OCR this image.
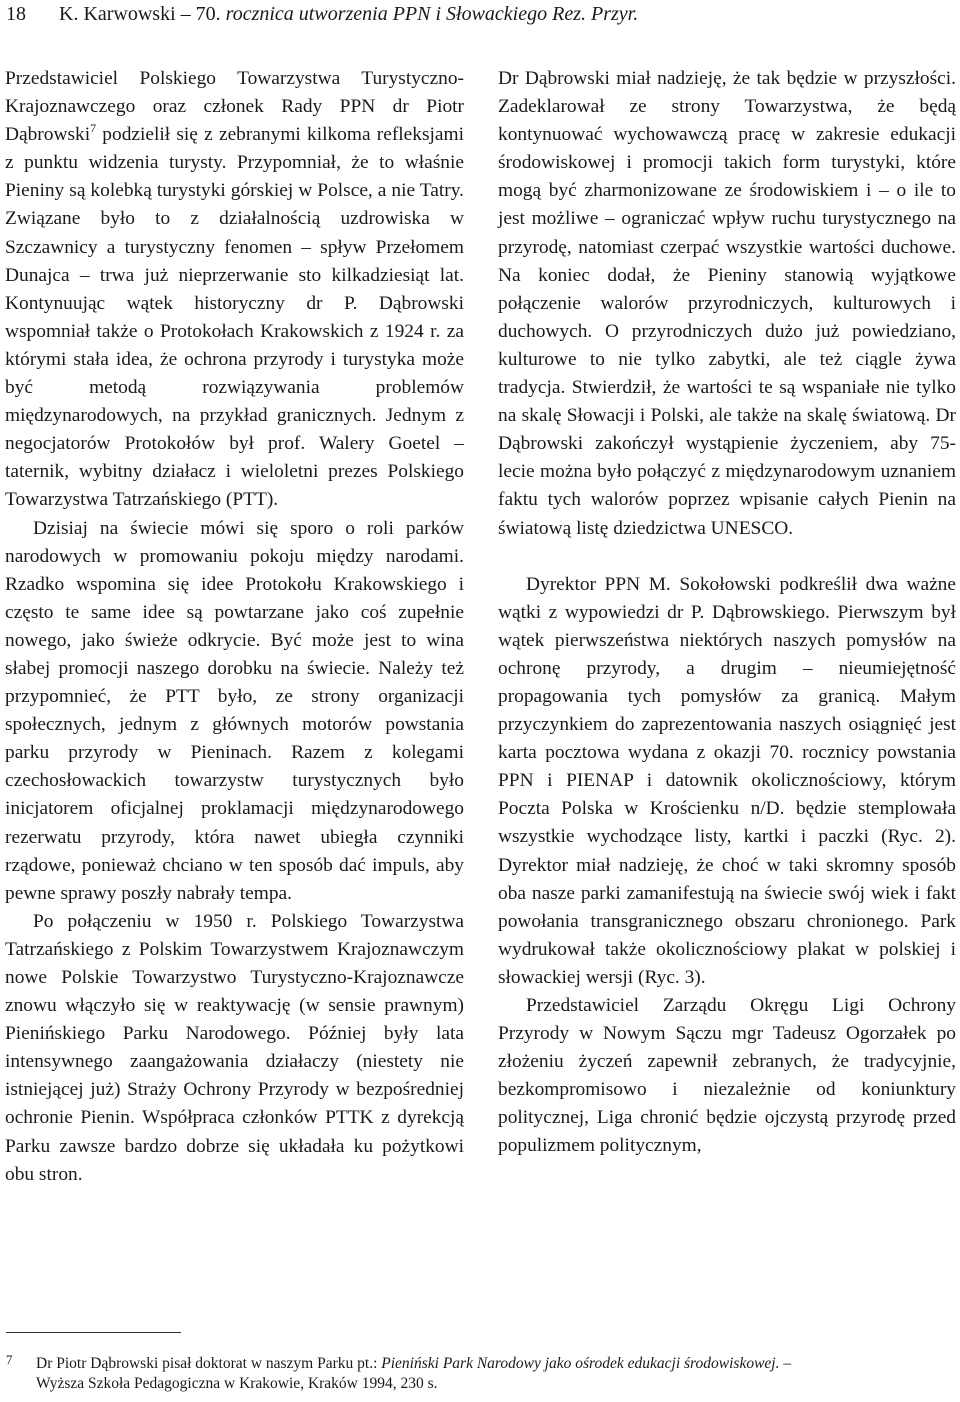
18 K. Karwowski – 70. rocznica utworzenia PPN i Słowackiego Rez. Przyr.

Przedstawiciel Polskiego Towarzystwa Turystyczno-Krajoznawczego oraz członek Rady PPN dr Piotr Dąbrowski$^7$ podzielił się z zebranymi kilkoma refleksjami z punktu widzenia turysty. Przypomniał, że to właśnie Pieniny są kolebką turystyki górskiej w Polsce, a nie Tatry. Związane było to z działalnością uzdrowiska w Szczawnicy a turystyczny fenomen – spływ Przełomem Dunajca – trwa już nieprzerwanie sto kilkadziesiąt lat. Kontynuując wątek historyczny dr P. Dąbrowski wspomniał także o Protokołach Krakowskich z 1924 r. za którymi stała idea, że ochrona przyrody i turystyka może być metodą rozwiązywania problemów międzynarodowych, na przykład granicznych. Jednym z negocjatorów Protokołów był prof. Walery Goetel – taternik, wybitny działacz i wieloletni prezes Polskiego Towarzystwa Tatrzańskiego (PTT).

Dzisiaj na świecie mówi się sporo o roli parków narodowych w promowaniu pokoju między narodami. Rzadko wspomina się idee Protokołu Krakowskiego i często te same idee są powtarzane jako coś zupełnie nowego, jako świeże odkrycie. Być może jest to wina słabej promocji naszego dorobku na świecie. Należy też przypomnieć, że PTT było, ze strony organizacji społecznych, jednym z głównych motorów powstania parku przyrody w Pieninach. Razem z kolegami czechosłowackich towarzystw turystycznych było inicjatorem oficjalnej proklamacji międzynarodowego rezerwatu przyrody, która nawet ubiegła czynniki rządowe, ponieważ chciano w ten sposób dać impuls, aby pewne sprawy poszły nabrały tempa.

Po połączeniu w 1950 r. Polskiego Towarzystwa Tatrzańskiego z Polskim Towarzystwem Krajoznawczym nowe Polskie Towarzystwo Turystyczno-Krajoznawcze znowu włączyło się w reaktywację (w sensie prawnym) Pienińskiego Parku Narodowego. Później były lata intensywnego zaangażowania działaczy (niestety nie istniejącej już) Straży Ochrony Przyrody w bezpośredniej ochronie Pienin. Współpraca członków PTTK z dyrekcją Parku zawsze bardzo dobrze się układała ku pożytkowi obu stron.

Dr Dąbrowski miał nadzieję, że tak będzie w przyszłości. Zadeklarował ze strony Towarzystwa, że będą kontynuować wychowawczą pracę w zakresie edukacji środowiskowej i promocji takich form turystyki, które mogą być zharmonizowane ze środowiskiem i – o ile to jest możliwe – ograniczać wpływ ruchu turystycznego na przyrodę, natomiast czerpać wszystkie wartości duchowe. Na koniec dodał, że Pieniny stanowią wyjątkowe połączenie walorów przyrodniczych, kulturowych i duchowych. O przyrodniczych dużo już powiedziano, kulturowe to nie tylko zabytki, ale też ciągle żywa tradycja. Stwierdził, że wartości te są wspaniałe nie tylko na skalę Słowacji i Polski, ale także na skalę światową. Dr Dąbrowski zakończył wystąpienie życzeniem, aby 75-lecie można było połączyć z międzynarodowym uznaniem faktu tych walorów poprzez wpisanie całych Pienin na światową listę dziedzictwa UNESCO.

Dyrektor PPN M. Sokołowski podkreślił dwa ważne wątki z wypowiedzi dr P. Dąbrowskiego. Pierwszym był wątek pierwszeństwa niektórych naszych pomysłów na ochronę przyrody, a drugim – nieumiejętność propagowania tych pomysłów za granicą. Małym przyczynkiem do zaprezentowania naszych osiągnięć jest karta pocztowa wydana z okazji 70. rocznicy powstania PPN i PIENAP i datownik okolicznościowy, którym Poczta Polska w Krościenku n/D. będzie stemplowała wszystkie wychodzące listy, kartki i paczki (Ryc. 2). Dyrektor miał nadzieję, że choć w taki skromny sposób oba nasze parki zamanifestują na świecie swój wiek i fakt powołania transgranicznego obszaru chronionego. Park wydrukował także okolicznościowy plakat w polskiej i słowackiej wersji (Ryc. 3).

Przedstawiciel Zarządu Okręgu Ligi Ochrony Przyrody w Nowym Sączu mgr Tadeusz Ogorzałek po złożeniu życzeń zapewnił zebranych, że tradycyjnie, bezkompromisowo i niezależnie od koniunktury politycznej, Liga chronić będzie ojczystą przyrodę przed populizmem politycznym,

7	Dr Piotr Dąbrowski pisał doktorat w naszym Parku pt.: Pieniński Park Narodowy jako ośrodek edukacji środowiskowej. –
Wyższa Szkoła Pedagogiczna w Krakowie, Kraków 1994, 230 s.
